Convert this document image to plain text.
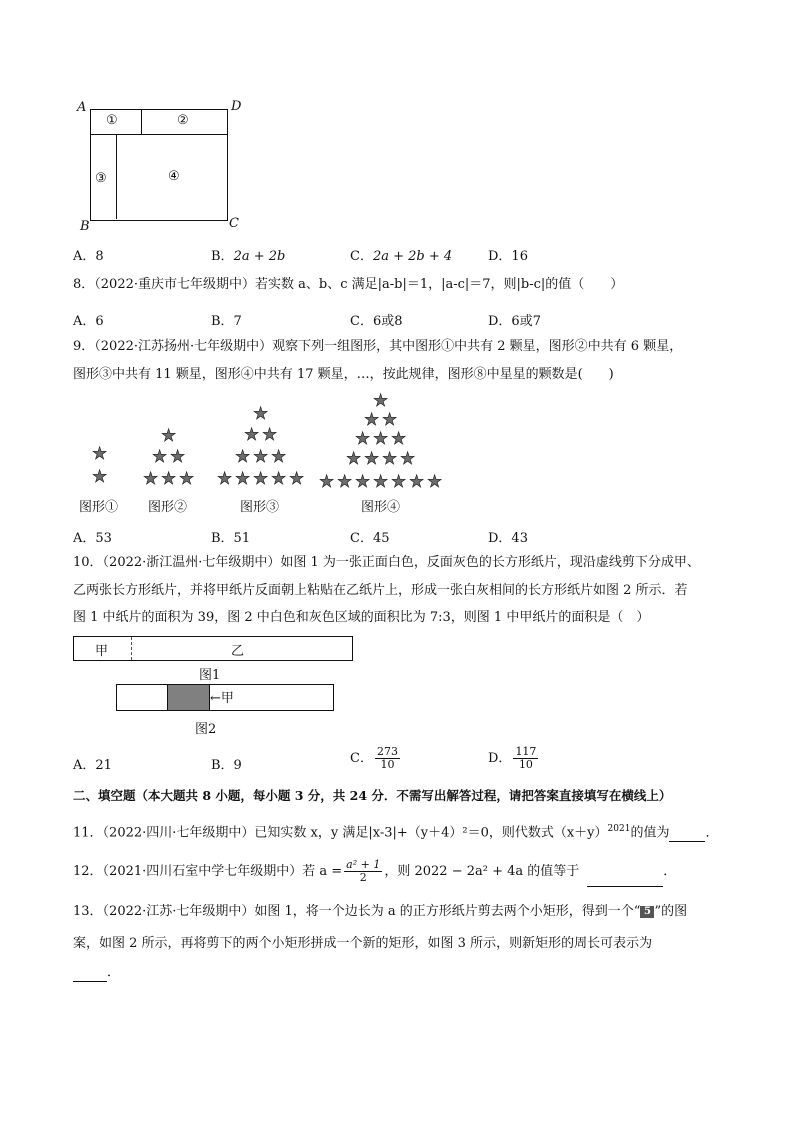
A	D
B	C
①	②
③	④
A．8	B．2a + 2b	C．2a + 2b + 4	D．16
8．（2022·重庆市七年级期中）若实数 a、b、c 满足|a-b|＝1，|a-c|＝7，则|b-c|的值（　　）
A．6	B．7	C．6或8	D．6或7
9．（2022·江苏扬州·七年级期中）观察下列一组图形，其中图形①中共有 2 颗星，图形②中共有 6 颗星，
图形③中共有 11 颗星，图形④中共有 17 颗星，…，按此规律，图形⑧中星星的颗数是(　　)
★
★
★
★ ★
★ ★ ★
★
★ ★
★ ★ ★
★ ★ ★ ★ ★
★
★ ★
★ ★ ★
★ ★ ★ ★
★ ★ ★ ★ ★ ★ ★
图形① 图形②	图形③	图形④
A．53	B．51	C．45	D．43
10．（2022·浙江温州·七年级期中）如图 1 为一张正面白色，反面灰色的长方形纸片，现沿虚线剪下分成甲、
乙两张长方形纸片，并将甲纸片反面朝上粘贴在乙纸片上，形成一张白灰相间的长方形纸片如图 2 所示．若
图 1 中纸片的面积为 39，图 2 中白色和灰色区域的面积比为 7:3，则图 1 中甲纸片的面积是（　）
甲	乙
图1
←甲
图2
A．21	B．9	C． $\frac{273}{10}$	D． $\frac{117}{10}$
二、填空题（本大题共 8 小题，每小题 3 分，共 24 分．不需写出解答过程，请把答案直接填写在横线上）
11．（2022·四川·七年级期中）已知实数 x，y 满足|x-3|+（y＋4）²＝0，则代数式$(x+y)^{2021}$的值为	．
12．（2021·四川石室中学七年级期中）若 $a = \frac{\text{a² + 1}}{2}$ ，则 2022 − 2a² + 4a 的值等于	．
13．（2022·江苏·七年级期中）如图 1，将一个边长为 a 的正方形纸片剪去两个小矩形，得到一个“ 5 ”的图
案，如图 2 所示，再将剪下的两个小矩形拼成一个新的矩形，如图 3 所示，则新矩形的周长可表示为
．
